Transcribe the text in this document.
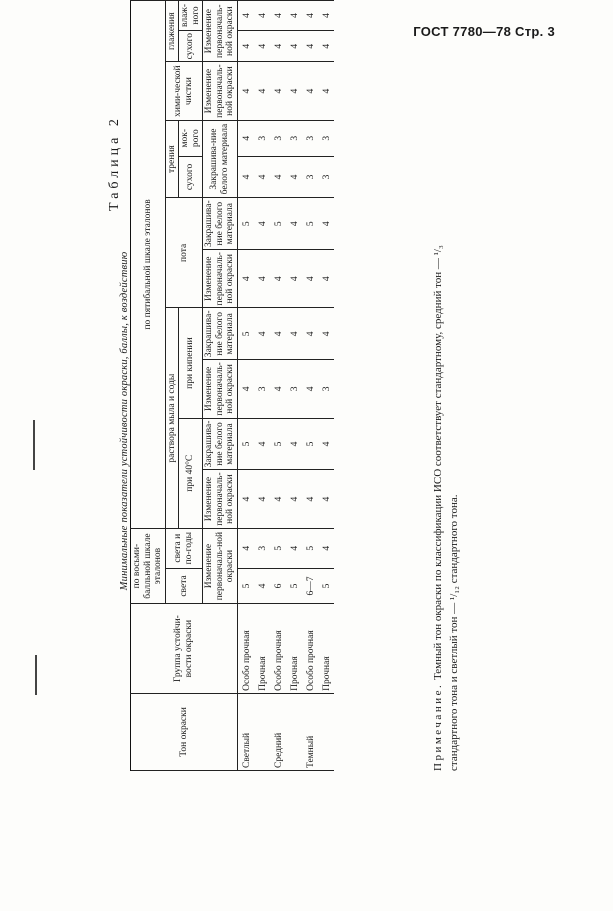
ГОСТ 7780—78 Стр. 3
Таблица 2
Минимальные показатели устойчивости окраски, баллы, к воздействию
Тон окраски	Группа устойчи-вости окраски	по восьми-балльной шкале эталонов		по пятибальной шкале эталонов										
		света	света и по-годы	раствора мыла и соды				пота		трения		хими-ческой чистки	глажения	
				при 40°С		при кипении				сухого	мок-рого		сухого	влаж-ного
		Изменение первоначаль-ной окраски		Изменение первоначаль-ной окраски	Закрашива-ние белого материала	Изменение первоначаль-ной окраски	Закрашива-ние белого материала	Изменение первоначаль-ной окраски	Закрашива-ние белого материала	Закрашива-ние белого материала		Изменение первоначаль-ной окраски	Изменение первоначаль-ной окраски	
Светлый	Особо прочная	5	4	4	5	4	5	4	5	4	4	4	4	4
	Прочная	4	3	4	4	3	4	4	4	4	3	4	4	4
Средний	Особо прочная	6	5	4	5	4	4	4	5	4	3	4	4	4
	Прочная	5	4	4	4	3	4	4	4	4	3	4	4	4
Темный	Особо прочная	6—7	5	4	5	4	4	4	5	3	3	4	4	4
	Прочная	5	4	4	4	3	4	4	4	3	3	4	4	4
Примечание. Темный тон окраски по классификации ИСО соответствует стандартному, средний тон — ¹/₃ стандартного тона и светлый тон — ¹/₁₂ стандартного тона.
